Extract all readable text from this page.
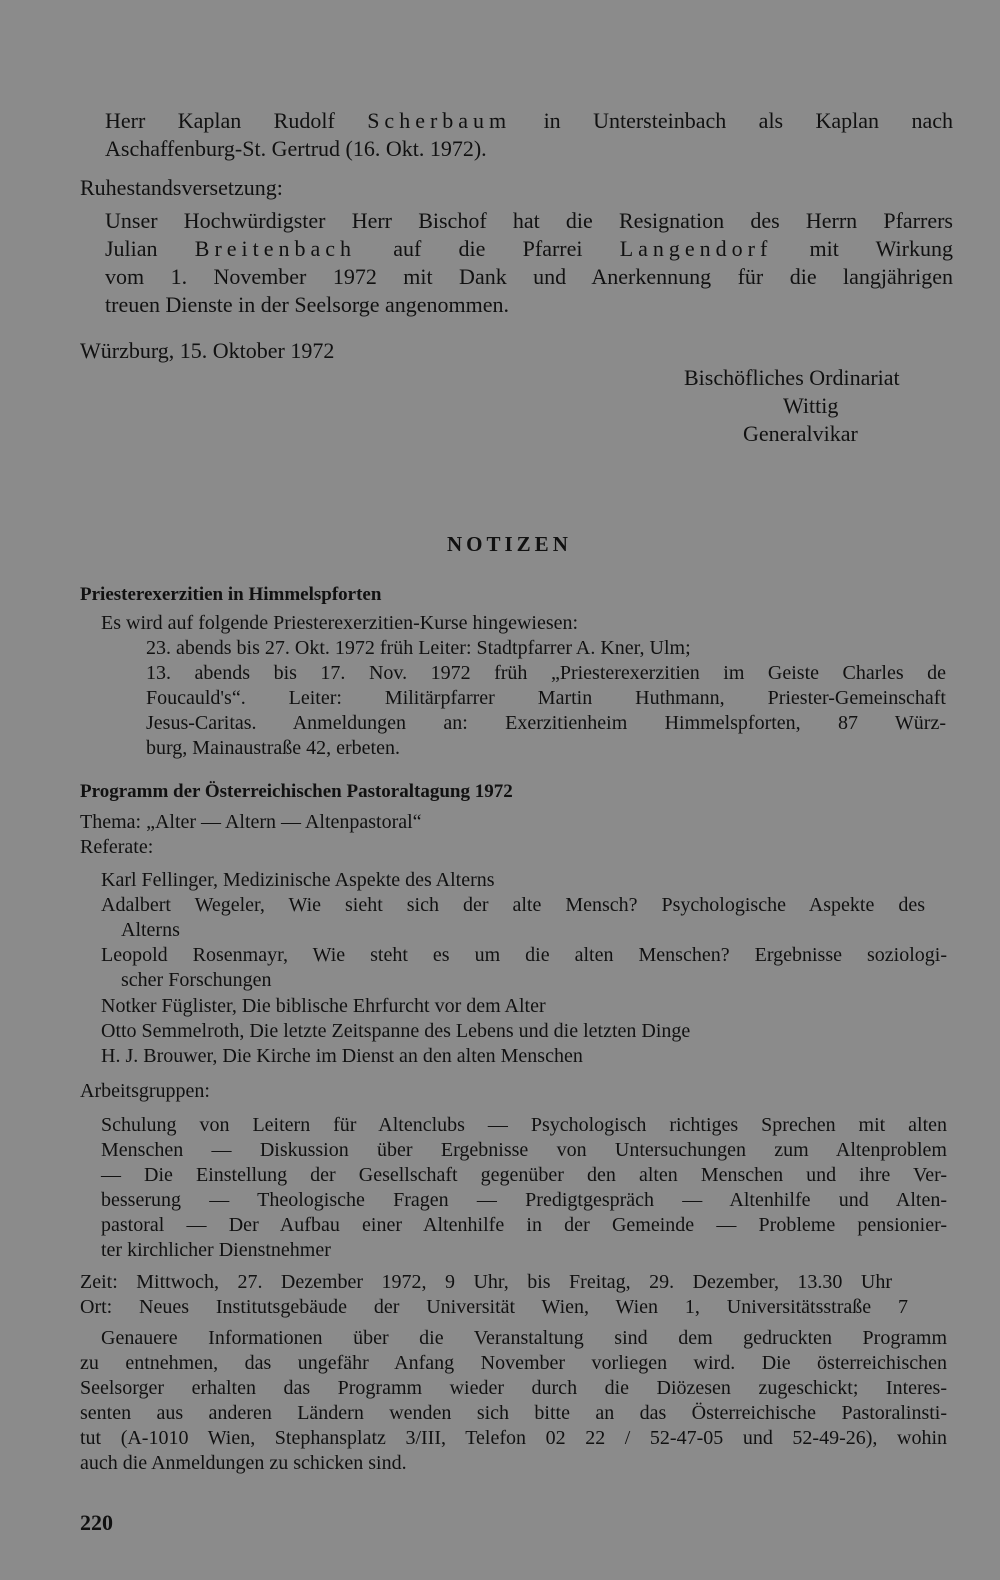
Herr Kaplan Rudolf Scherbaum in Untersteinbach als Kaplan nach
Aschaffenburg-St. Gertrud (16. Okt. 1972).
Ruhestandsversetzung:
Unser Hochwürdigster Herr Bischof hat die Resignation des Herrn Pfarrers
Julian Breitenbach auf die Pfarrei Langendorf mit Wirkung
vom 1. November 1972 mit Dank und Anerkennung für die langjährigen
treuen Dienste in der Seelsorge angenommen.
Würzburg, 15. Oktober 1972
Bischöfliches Ordinariat
Wittig
Generalvikar
NOTIZEN
Priesterexerzitien in Himmelspforten
Es wird auf folgende Priesterexerzitien-Kurse hingewiesen:
23. abends bis 27. Okt. 1972 früh Leiter: Stadtpfarrer A. Kner, Ulm;
13. abends bis 17. Nov. 1972 früh „Priesterexerzitien im Geiste Charles de
Foucauld's“. Leiter: Militärpfarrer Martin Huthmann, Priester-Gemeinschaft
Jesus-Caritas. Anmeldungen an: Exerzitienheim Himmelspforten, 87 Würz-
burg, Mainaustraße 42, erbeten.
Programm der Österreichischen Pastoraltagung 1972
Thema: „Alter — Altern — Altenpastoral“
Referate:
Karl Fellinger, Medizinische Aspekte des Alterns
Adalbert Wegeler, Wie sieht sich der alte Mensch? Psychologische Aspekte des
Alterns
Leopold Rosenmayr, Wie steht es um die alten Menschen? Ergebnisse soziologi-
scher Forschungen
Notker Füglister, Die biblische Ehrfurcht vor dem Alter
Otto Semmelroth, Die letzte Zeitspanne des Lebens und die letzten Dinge
H. J. Brouwer, Die Kirche im Dienst an den alten Menschen
Arbeitsgruppen:
Schulung von Leitern für Altenclubs — Psychologisch richtiges Sprechen mit alten
Menschen — Diskussion über Ergebnisse von Untersuchungen zum Altenproblem
— Die Einstellung der Gesellschaft gegenüber den alten Menschen und ihre Ver-
besserung — Theologische Fragen — Predigtgespräch — Altenhilfe und Alten-
pastoral — Der Aufbau einer Altenhilfe in der Gemeinde — Probleme pensionier-
ter kirchlicher Dienstnehmer
Zeit: Mittwoch, 27. Dezember 1972, 9 Uhr, bis Freitag, 29. Dezember, 13.30 Uhr
Ort: Neues Institutsgebäude der Universität Wien, Wien 1, Universitätsstraße 7
Genauere Informationen über die Veranstaltung sind dem gedruckten Programm
zu entnehmen, das ungefähr Anfang November vorliegen wird. Die österreichischen
Seelsorger erhalten das Programm wieder durch die Diözesen zugeschickt; Interes-
senten aus anderen Ländern wenden sich bitte an das Österreichische Pastoralinsti-
tut (A-1010 Wien, Stephansplatz 3/III, Telefon 02 22 / 52-47-05 und 52-49-26), wohin
auch die Anmeldungen zu schicken sind.
220
